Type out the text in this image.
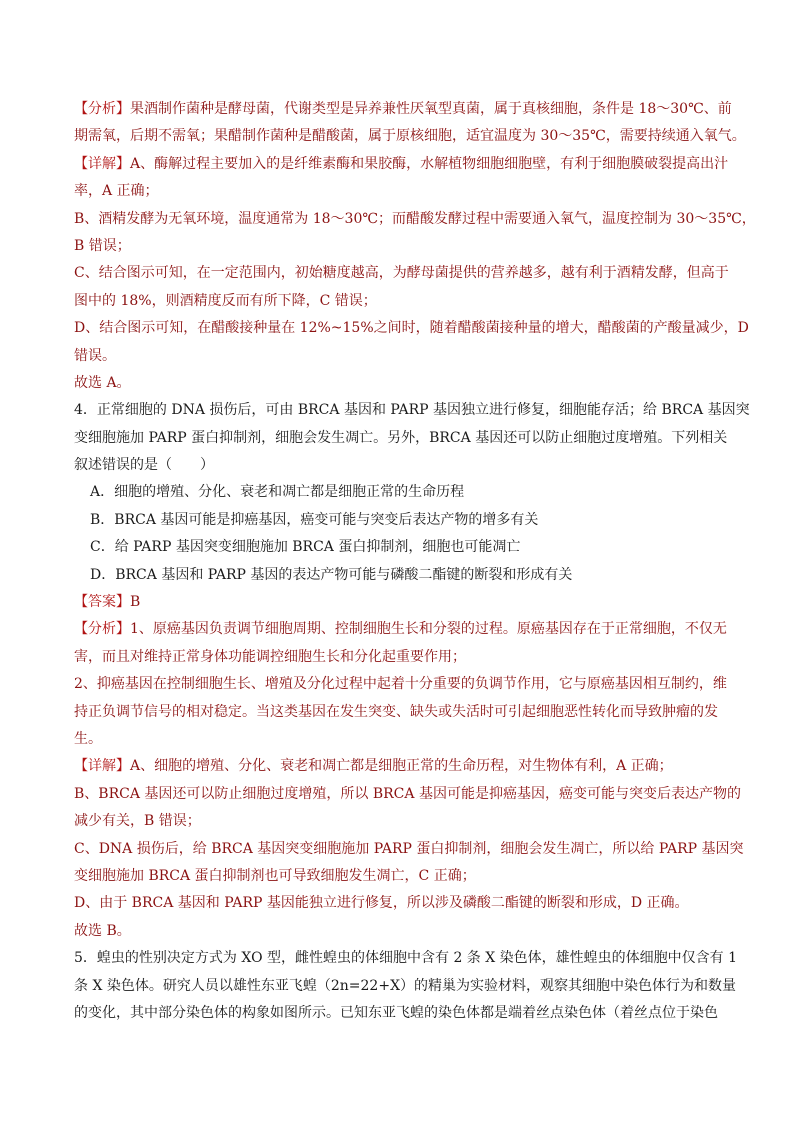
【分析】果酒制作菌种是酵母菌，代谢类型是异养兼性厌氧型真菌，属于真核细胞，条件是 18～30℃、前
期需氧，后期不需氧；果醋制作菌种是醋酸菌，属于原核细胞，适宜温度为 30～35℃，需要持续通入氧气。
【详解】A、酶解过程主要加入的是纤维素酶和果胶酶，水解植物细胞细胞壁，有利于细胞膜破裂提高出汁
率，A 正确；
B、酒精发酵为无氧环境，温度通常为 18～30℃；而醋酸发酵过程中需要通入氧气，温度控制为 30～35℃，
B 错误；
C、结合图示可知，在一定范围内，初始糖度越高，为酵母菌提供的营养越多，越有利于酒精发酵，但高于
图中的 18%，则酒精度反而有所下降，C 错误；
D、结合图示可知，在醋酸接种量在 12%~15%之间时，随着醋酸菌接种量的增大，醋酸菌的产酸量减少，D
错误。
故选 A。
4．正常细胞的 DNA 损伤后，可由 BRCA 基因和 PARP 基因独立进行修复，细胞能存活；给 BRCA 基因突
变细胞施加 PARP 蛋白抑制剂，细胞会发生凋亡。另外，BRCA 基因还可以防止细胞过度增殖。下列相关
叙述错误的是（　　）
A．细胞的增殖、分化、衰老和凋亡都是细胞正常的生命历程
B．BRCA 基因可能是抑癌基因，癌变可能与突变后表达产物的增多有关
C．给 PARP 基因突变细胞施加 BRCA 蛋白抑制剂，细胞也可能凋亡
D．BRCA 基因和 PARP 基因的表达产物可能与磷酸二酯键的断裂和形成有关
【答案】B
【分析】1、原癌基因负责调节细胞周期、控制细胞生长和分裂的过程。原癌基因存在于正常细胞，不仅无
害，而且对维持正常身体功能调控细胞生长和分化起重要作用；
2、抑癌基因在控制细胞生长、增殖及分化过程中起着十分重要的负调节作用，它与原癌基因相互制约，维
持正负调节信号的相对稳定。当这类基因在发生突变、缺失或失活时可引起细胞恶性转化而导致肿瘤的发
生。
【详解】A、细胞的增殖、分化、衰老和凋亡都是细胞正常的生命历程，对生物体有利，A 正确；
B、BRCA 基因还可以防止细胞过度增殖，所以 BRCA 基因可能是抑癌基因，癌变可能与突变后表达产物的
减少有关，B 错误；
C、DNA 损伤后，给 BRCA 基因突变细胞施加 PARP 蛋白抑制剂，细胞会发生凋亡，所以给 PARP 基因突
变细胞施加 BRCA 蛋白抑制剂也可导致细胞发生凋亡，C 正确；
D、由于 BRCA 基因和 PARP 基因能独立进行修复，所以涉及磷酸二酯键的断裂和形成，D 正确。
故选 B。
5．蝗虫的性别决定方式为 XO 型，雌性蝗虫的体细胞中含有 2 条 X 染色体，雄性蝗虫的体细胞中仅含有 1
条 X 染色体。研究人员以雄性东亚飞蝗（2n=22+X）的精巢为实验材料，观察其细胞中染色体行为和数量
的变化，其中部分染色体的构象如图所示。已知东亚飞蝗的染色体都是端着丝点染色体（着丝点位于染色
